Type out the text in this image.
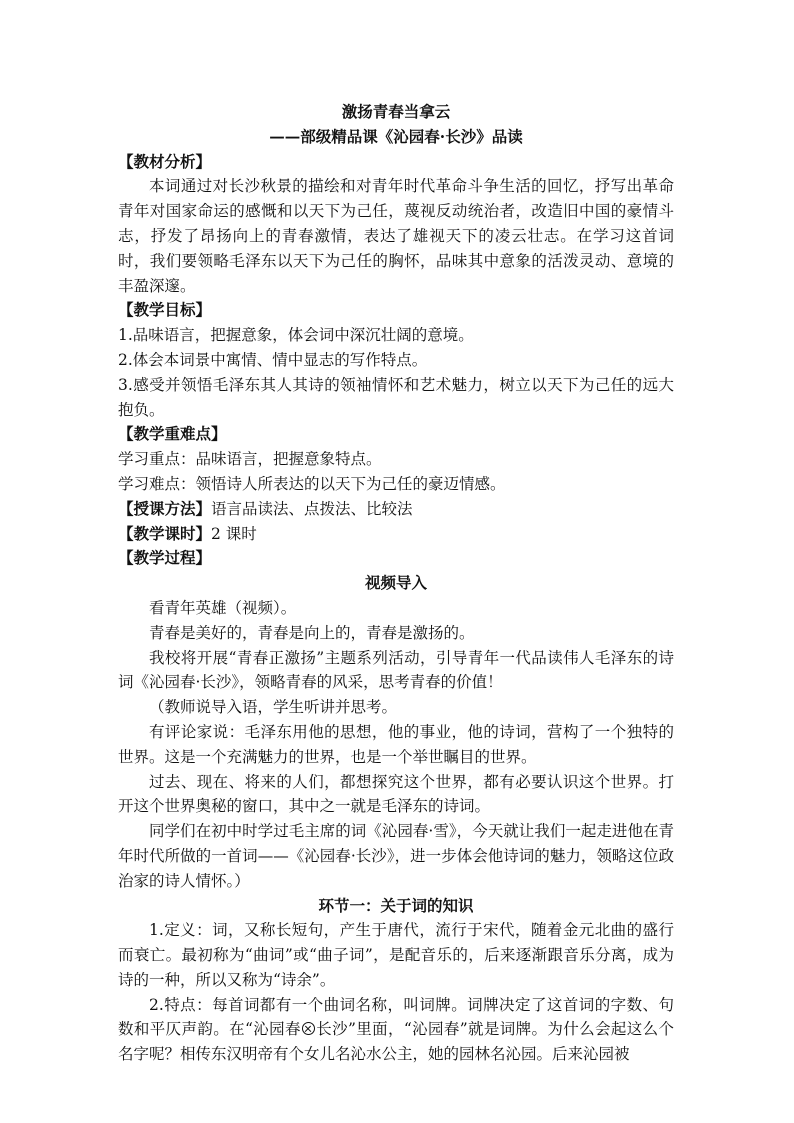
激扬青春当拿云

——部级精品课《沁园春·长沙》品读

【教材分析】

本词通过对长沙秋景的描绘和对青年时代革命斗争生活的回忆，抒写出革命青年对国家命运的感慨和以天下为己任，蔑视反动统治者，改造旧中国的豪情斗志，抒发了昂扬向上的青春激情，表达了雄视天下的凌云壮志。在学习这首词时，我们要领略毛泽东以天下为己任的胸怀，品味其中意象的活泼灵动、意境的丰盈深邃。

【教学目标】

1.品味语言，把握意象，体会词中深沉壮阔的意境。

2.体会本词景中寓情、情中显志的写作特点。

3.感受并领悟毛泽东其人其诗的领袖情怀和艺术魅力，树立以天下为己任的远大抱负。

【教学重难点】

学习重点：品味语言，把握意象特点。

学习难点：领悟诗人所表达的以天下为己任的豪迈情感。

【授课方法】语言品读法、点拨法、比较法

【教学课时】2 课时

【教学过程】

视频导入

看青年英雄（视频）。

青春是美好的，青春是向上的，青春是激扬的。

我校将开展“青春正激扬”主题系列活动，引导青年一代品读伟人毛泽东的诗词《沁园春·长沙》，领略青春的风采，思考青春的价值！

（教师说导入语，学生听讲并思考。

有评论家说：毛泽东用他的思想，他的事业，他的诗词，营构了一个独特的世界。这是一个充满魅力的世界，也是一个举世瞩目的世界。

过去、现在、将来的人们，都想探究这个世界，都有必要认识这个世界。打开这个世界奥秘的窗口，其中之一就是毛泽东的诗词。

同学们在初中时学过毛主席的词《沁园春·雪》，今天就让我们一起走进他在青年时代所做的一首词——《沁园春·长沙》，进一步体会他诗词的魅力，领略这位政治家的诗人情怀。）

环节一：关于词的知识

1.定义：词，又称长短句，产生于唐代，流行于宋代，随着金元北曲的盛行而衰亡。最初称为“曲词”或“曲子词”，是配音乐的，后来逐渐跟音乐分离，成为诗的一种，所以又称为“诗余”。

2.特点：每首词都有一个曲词名称，叫词牌。词牌决定了这首词的字数、句数和平仄声韵。在“沁园春 长沙”里面，“沁园春”就是词牌。为什么会起这么个名字呢？相传东汉明帝有个女儿名沁水公主，她的园林名沁园。后来沁园被
